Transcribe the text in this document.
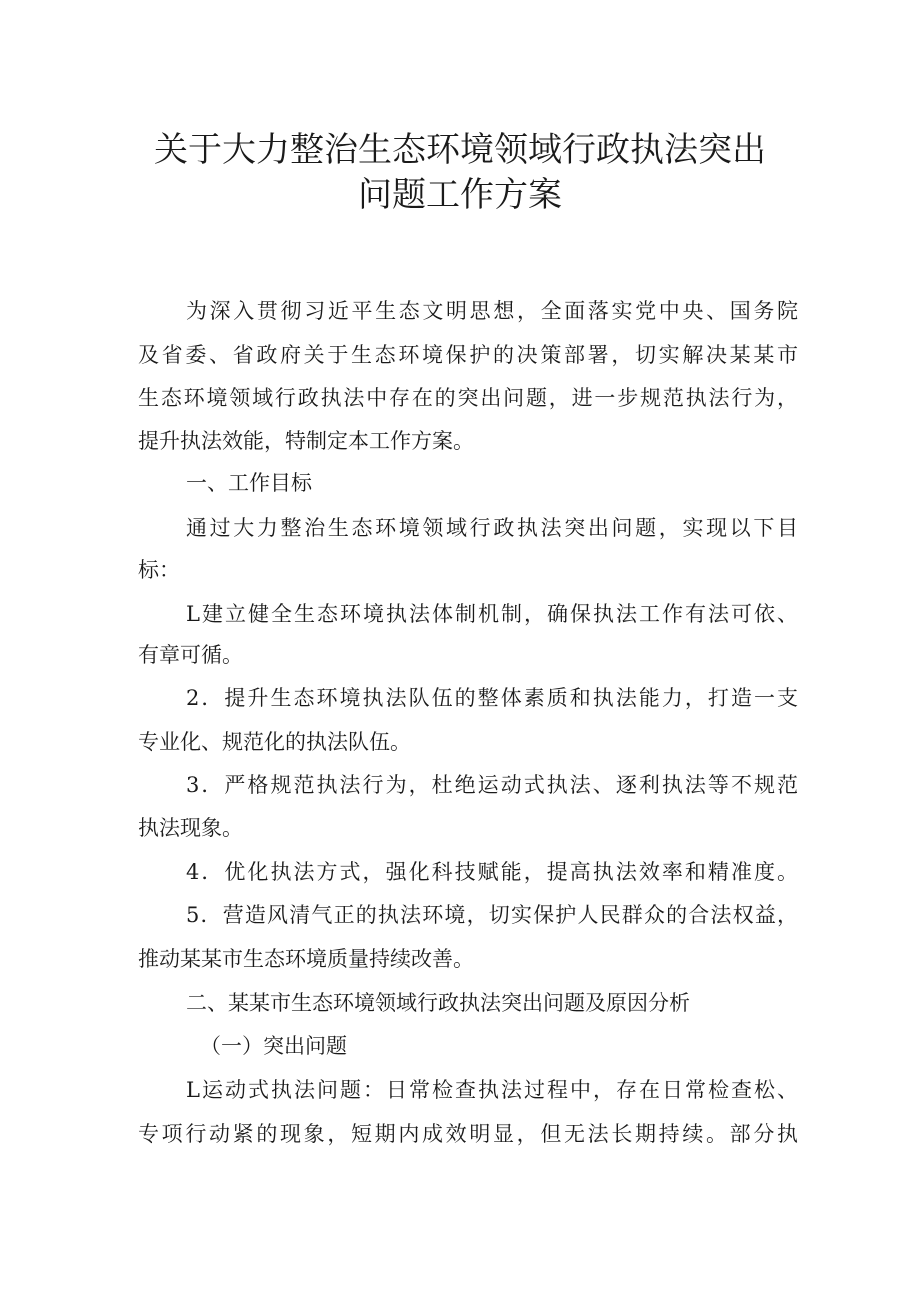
关于大力整治生态环境领域行政执法突出
问题工作方案

为深入贯彻习近平生态文明思想，全面落实党中央、国务院

及省委、省政府关于生态环境保护的决策部署，切实解决某某市

生态环境领域行政执法中存在的突出问题，进一步规范执法行为，

提升执法效能，特制定本工作方案。

一、工作目标

通过大力整治生态环境领域行政执法突出问题，实现以下目

标：

L建立健全生态环境执法体制机制，确保执法工作有法可依、

有章可循。

2．提升生态环境执法队伍的整体素质和执法能力，打造一支

专业化、规范化的执法队伍。

3．严格规范执法行为，杜绝运动式执法、逐利执法等不规范

执法现象。

4．优化执法方式，强化科技赋能，提高执法效率和精准度。

5．营造风清气正的执法环境，切实保护人民群众的合法权益，

推动某某市生态环境质量持续改善。

二、某某市生态环境领域行政执法突出问题及原因分析

（一）突出问题

L运动式执法问题：日常检查执法过程中，存在日常检查松、

专项行动紧的现象，短期内成效明显，但无法长期持续。部分执
